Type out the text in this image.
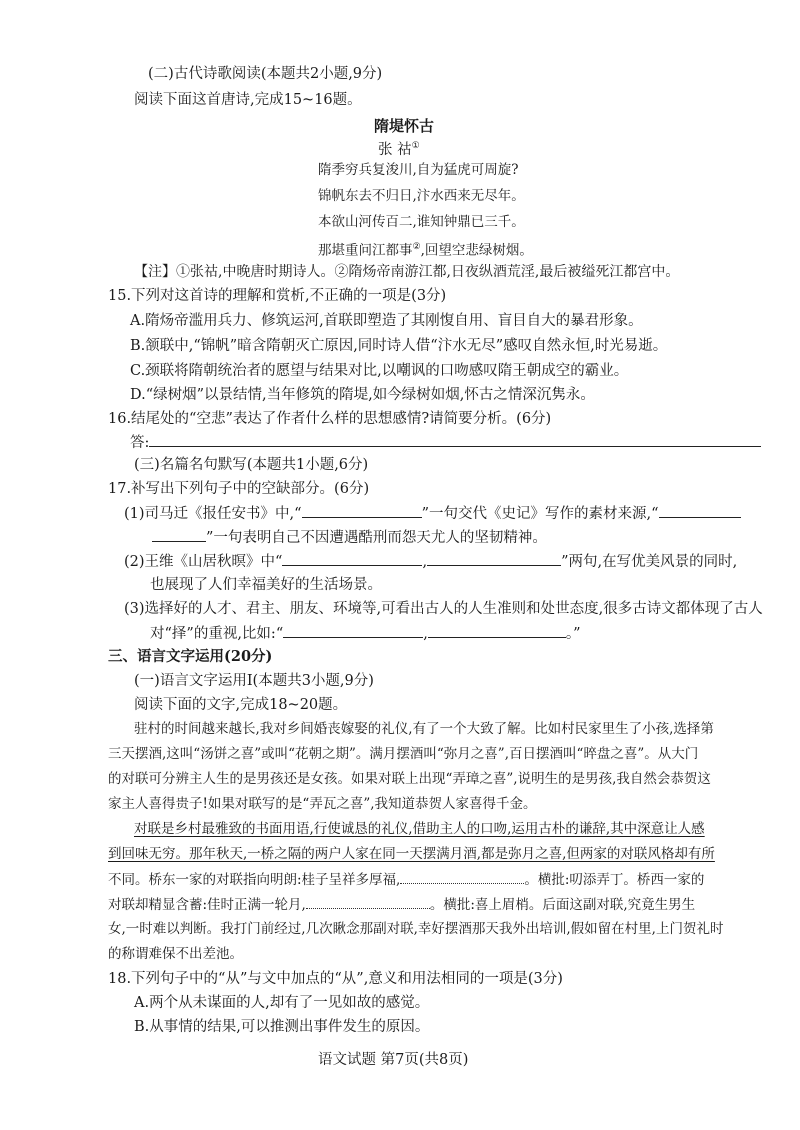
(二)古代诗歌阅读(本题共2小题,9分)
阅读下面这首唐诗,完成15~16题。
隋堤怀古
张 祜①
隋季穷兵复浚川,自为猛虎可周旋?
锦帆东去不归日,汴水西来无尽年。
本欲山河传百二,谁知钟鼎已三千。
那堪重问江都事②,回望空悲绿树烟。
【注】①张祜,中晚唐时期诗人。②隋炀帝南游江都,日夜纵酒荒淫,最后被缢死江都宫中。
15.下列对这首诗的理解和赏析,不正确的一项是(3分)
A.隋炀帝滥用兵力、修筑运河,首联即塑造了其刚愎自用、盲目自大的暴君形象。
B.颔联中,“锦帆”暗含隋朝灭亡原因,同时诗人借“汴水无尽”感叹自然永恒,时光易逝。
C.颈联将隋朝统治者的愿望与结果对比,以嘲讽的口吻感叹隋王朝成空的霸业。
D.“绿树烟”以景结情,当年修筑的隋堤,如今绿树如烟,怀古之情深沉隽永。
16.结尾处的“空悲”表达了作者什么样的思想感情?请简要分析。(6分)
答:
(三)名篇名句默写(本题共1小题,6分)
17.补写出下列句子中的空缺部分。(6分)
(1)司马迁《报任安书》中,“	”一句交代《史记》写作的素材来源,“
”一句表明自己不因遭遇酷刑而怨天尤人的坚韧精神。
(2)王维《山居秋暝》中“	,	”两句,在写优美风景的同时,
也展现了人们幸福美好的生活场景。
(3)选择好的人才、君主、朋友、环境等,可看出古人的人生准则和处世态度,很多古诗文都体现了古人
对“择”的重视,比如:“	,	。”
三、语言文字运用(20分)
(一)语言文字运用Ⅰ(本题共3小题,9分)
阅读下面的文字,完成18~20题。
驻村的时间越来越长,我对乡间婚丧嫁娶的礼仪,有了一个大致了解。比如村民家里生了小孩,选择第
三天摆酒,这叫“汤饼之喜”或叫“花朝之期”。满月摆酒叫“弥月之喜”,百日摆酒叫“晬盘之喜”。从大门
的对联可分辨主人生的是男孩还是女孩。如果对联上出现“弄璋之喜”,说明生的是男孩,我自然会恭贺这
家主人喜得贵子!如果对联写的是“弄瓦之喜”,我知道恭贺人家喜得千金。
对联是乡村最雅致的书面用语,行使诚恳的礼仪,借助主人的口吻,运用古朴的谦辞,其中深意让人感
到回味无穷。那年秋天,一桥之隔的两户人家在同一天摆满月酒,都是弥月之喜,但两家的对联风格却有所
不同。桥东一家的对联指向明朗:桂子呈祥多厚福,	。横批:叨添弄丁。桥西一家的
对联却精显含蓄:佳时正满一轮月,	。横批:喜上眉梢。后面这副对联,究竟生男生
女,一时难以判断。我打门前经过,几次瞅念那副对联,幸好摆酒那天我外出培训,假如留在村里,上门贺礼时
的称谓难保不出差池。
18.下列句子中的“从”与文中加点的“从”,意义和用法相同的一项是(3分)
A.两个从未谋面的人,却有了一见如故的感觉。
B.从事情的结果,可以推测出事件发生的原因。
语文试题 第7页(共8页)
